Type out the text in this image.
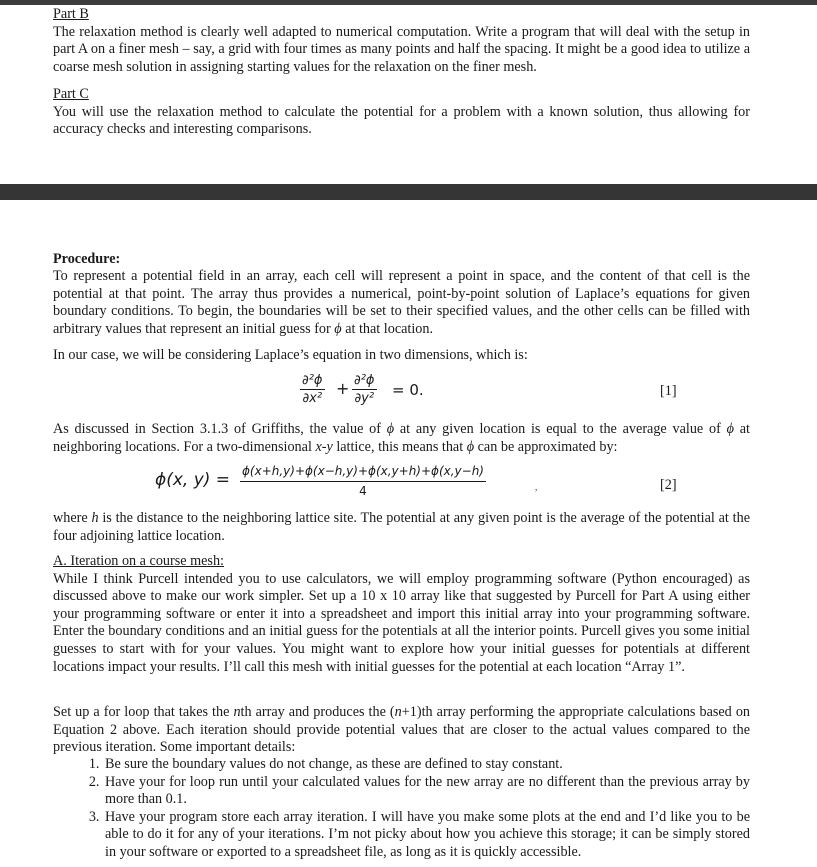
Part B
The relaxation method is clearly well adapted to numerical computation. Write a program that will deal with the setup in part A on a finer mesh – say, a grid with four times as many points and half the spacing. It might be a good idea to utilize a coarse mesh solution in assigning starting values for the relaxation on the finer mesh.
Part C
You will use the relaxation method to calculate the potential for a problem with a known solution, thus allowing for accuracy checks and interesting comparisons.
Procedure:
To represent a potential field in an array, each cell will represent a point in space, and the content of that cell is the potential at that point. The array thus provides a numerical, point-by-point solution of Laplace’s equations for given boundary conditions. To begin, the boundaries will be set to their specified values, and the other cells can be filled with arbitrary values that represent an initial guess for ϕ at that location.
In our case, we will be considering Laplace’s equation in two dimensions, which is:
$\frac{\text{∂²ϕ}}{\text{∂x²}} + \frac{\text{∂²ϕ}}{\text{∂y²}} = 0$.	[1]
As discussed in Section 3.1.3 of Griffiths, the value of ϕ at any given location is equal to the average value of ϕ at neighboring locations. For a two-dimensional x-y lattice, this means that ϕ can be approximated by:
ϕ(x, $y) = \frac{\phi(x+h,y)+\phi(x-h,y)+\phi(x,y+h)+\phi(x,y-h)}{4}$	,	[2]
where h is the distance to the neighboring lattice site. The potential at any given point is the average of the potential at the four adjoining lattice location.
A. Iteration on a course mesh:
While I think Purcell intended you to use calculators, we will employ programming software (Python encouraged) as discussed above to make our work simpler. Set up a 10 x 10 array like that suggested by Purcell for Part A using either your programming software or enter it into a spreadsheet and import this initial array into your programming software. Enter the boundary conditions and an initial guess for the potentials at all the interior points. Purcell gives you some initial guesses to start with for your values. You might want to explore how your initial guesses for potentials at different locations impact your results. I’ll call this mesh with initial guesses for the potential at each location “Array 1”.
Set up a for loop that takes the nth array and produces the (n+1)th array performing the appropriate calculations based on Equation 2 above. Each iteration should provide potential values that are closer to the actual values compared to the previous iteration. Some important details:
1. Be sure the boundary values do not change, as these are defined to stay constant.
2. Have your for loop run until your calculated values for the new array are no different than the previous array by more than 0.1.
3. Have your program store each array iteration. I will have you make some plots at the end and I’d like you to be able to do it for any of your iterations. I’m not picky about how you achieve this storage; it can be simply stored in your software or exported to a spreadsheet file, as long as it is quickly accessible.
